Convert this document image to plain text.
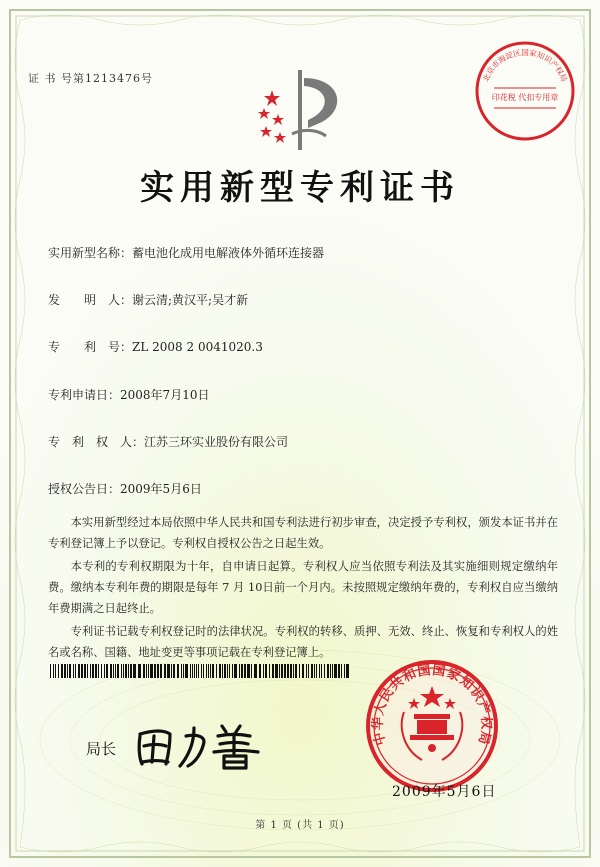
证 书 号第1213476号	北京市海淀区国家知识产权局
印花税 代扣专用章
实用新型专利证书
实用新型名称：蓄电池化成用电解液体外循环连接器
发　　明　人：谢云清;黄汉平;吴才新
专　　利　号：ZL 2008 2 0041020.3
专利申请日：2008年7月10日
专　利　权　人：江苏三环实业股份有限公司
授权公告日：2009年5月6日
本实用新型经过本局依照中华人民共和国专利法进行初步审查，决定授予专利权，颁发本证书并在专利登记簿上予以登记。专利权自授权公告之日起生效。
本专利的专利权期限为十年，自申请日起算。专利权人应当依照专利法及其实施细则规定缴纳年费。缴纳本专利年费的期限是每年 7 月 10日前一个月内。未按照规定缴纳年费的，专利权自应当缴纳年费期满之日起终止。
专利证书记载专利权登记时的法律状况。专利权的转移、质押、无效、终止、恢复和专利权人的姓名或名称、国籍、地址变更等事项记载在专利登记簿上。
局长
中华人民共和国国家知识产权局
2009年5月6日
第 1 页 (共 1 页)
